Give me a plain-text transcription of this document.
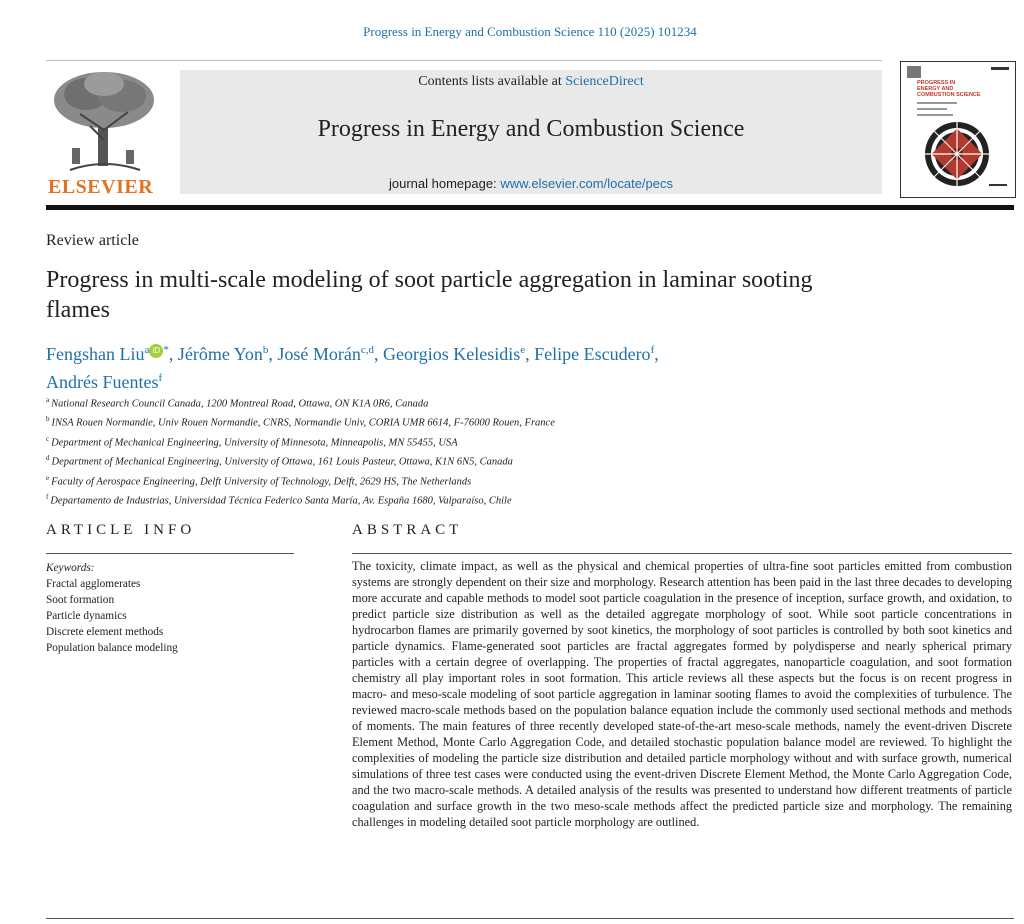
Progress in Energy and Combustion Science 110 (2025) 101234
ELSEVIER
Contents lists available at ScienceDirect
Progress in Energy and Combustion Science
journal homepage: www.elsevier.com/locate/pecs
PROGRESS IN
ENERGY AND
COMBUSTION SCIENCE
Review article
Progress in multi-scale modeling of soot particle aggregation in laminar sooting flames
Fengshan Liu$^a$ iD *, Jérôme Yon$^b$, José Morán$^{c,d}$, Georgios Kelesidis$^e$, Felipe Escudero$^f$,
Andrés Fuentes$^f$
$^a$ National Research Council Canada, 1200 Montreal Road, Ottawa, ON K1A 0R6, Canada
$^b$ INSA Rouen Normandie, Univ Rouen Normandie, CNRS, Normandie Univ, CORIA UMR 6614, F-76000 Rouen, France
$^c$ Department of Mechanical Engineering, University of Minnesota, Minneapolis, MN 55455, USA
$^d$ Department of Mechanical Engineering, University of Ottawa, 161 Louis Pasteur, Ottawa, K1N 6N5, Canada
$^e$ Faculty of Aerospace Engineering, Delft University of Technology, Delft, 2629 HS, The Netherlands
$^f$ Departamento de Industrias, Universidad Técnica Federico Santa María, Av. España 1680, Valparaíso, Chile
ARTICLE INFO	ABSTRACT
Keywords:
Fractal agglomerates
Soot formation
Particle dynamics
Discrete element methods
Population balance modeling
The toxicity, climate impact, as well as the physical and chemical properties of ultra-fine soot particles emitted from combustion systems are strongly dependent on their size and morphology. Research attention has been paid in the last three decades to developing more accurate and capable methods to model soot particle coagulation in the presence of inception, surface growth, and oxidation, to predict particle size distribution as well as the detailed aggregate morphology of soot. While soot particle concentrations in hydrocarbon flames are primarily governed by soot kinetics, the morphology of soot particles is controlled by both soot kinetics and particle dynamics. Flame-generated soot particles are fractal aggregates formed by polydisperse and nearly spherical primary particles with a certain degree of overlapping. The properties of fractal aggregates, nanoparticle coagulation, and soot formation chemistry all play important roles in soot formation. This article reviews all these aspects but the focus is on recent progress in macro- and meso-scale modeling of soot particle aggregation in laminar sooting flames to avoid the complexities of turbulence. The reviewed macro-scale methods based on the population balance equation include the commonly used sectional methods and methods of moments. The main features of three recently developed state-of-the-art meso-scale methods, namely the event-driven Discrete Element Method, Monte Carlo Aggregation Code, and detailed stochastic population balance model are reviewed. To highlight the complexities of modeling the particle size distribution and detailed particle morphology without and with surface growth, numerical simulations of three test cases were conducted using the event-driven Discrete Element Method, the Monte Carlo Aggregation Code, and the two macro-scale methods. A detailed analysis of the results was presented to understand how different treatments of particle coagulation and surface growth in the two meso-scale methods affect the predicted particle size and morphology. The remaining challenges in modeling detailed soot particle morphology are outlined.
